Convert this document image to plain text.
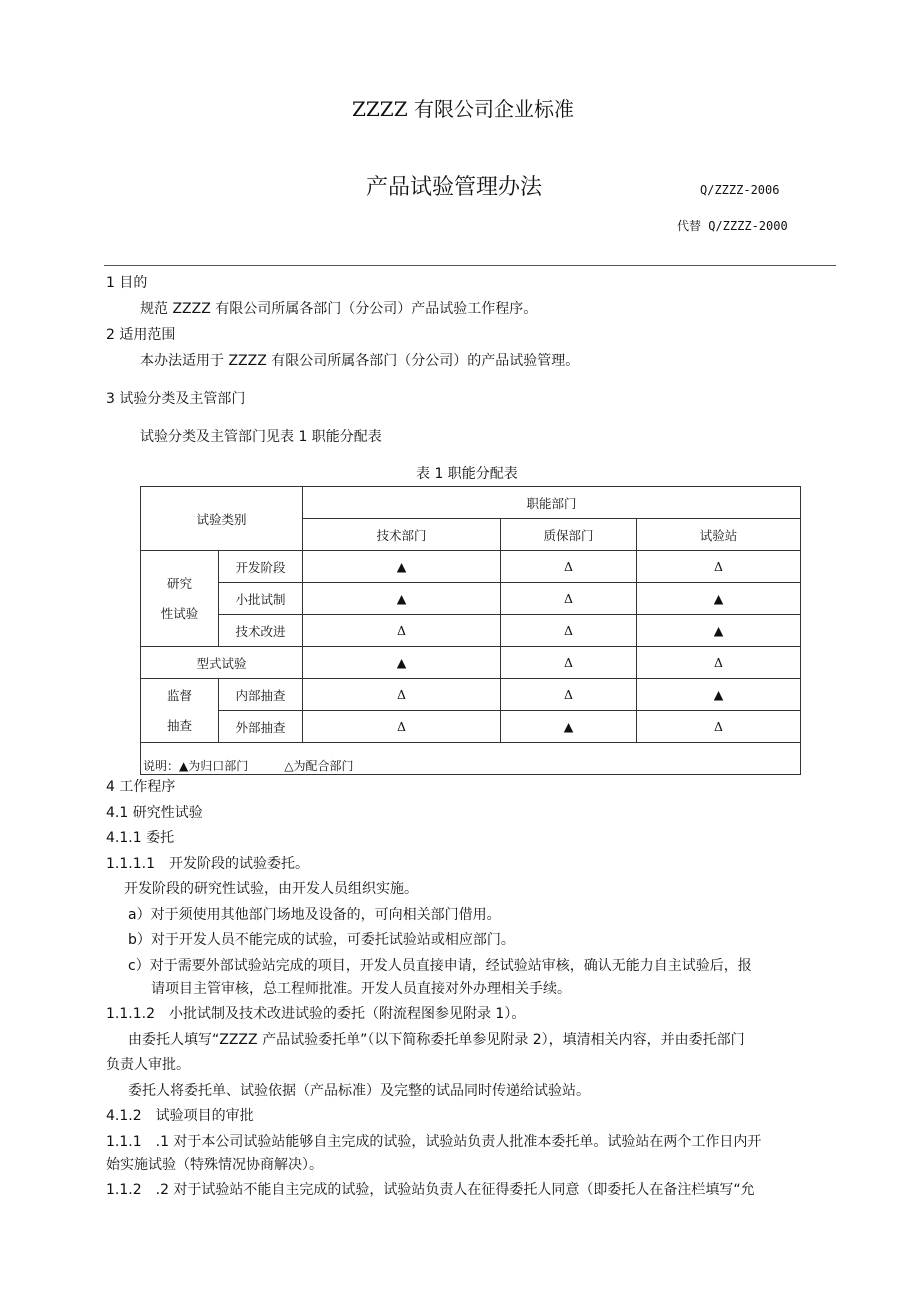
ZZZZ 有限公司企业标准
产品试验管理办法	Q/ZZZZ-2006
代替 Q/ZZZZ-2000
1 目的
规范 ZZZZ 有限公司所属各部门（分公司）产品试验工作程序。
2 适用范围
本办法适用于 ZZZZ 有限公司所属各部门（分公司）的产品试验管理。
3 试验分类及主管部门
试验分类及主管部门见表 1 职能分配表
表 1 职能分配表
试验类别		职能部门		
		技术部门	质保部门	试验站
研究
性试验	开发阶段	▲	Δ	Δ
	小批试制	▲	Δ	▲
	技术改进	Δ	Δ	▲
型式试验		▲	Δ	Δ
监督
抽查	内部抽查	Δ	Δ	▲
	外部抽查	Δ	▲	Δ
说明：▲为归口部门　　　△为配合部门				
4 工作程序
4.1 研究性试验
4.1.1 委托
1.1.1.1　开发阶段的试验委托。
开发阶段的研究性试验，由开发人员组织实施。
a）对于须使用其他部门场地及设备的，可向相关部门借用。
b）对于开发人员不能完成的试验，可委托试验站或相应部门。
c）对于需要外部试验站完成的项目，开发人员直接申请，经试验站审核，确认无能力自主试验后，报
请项目主管审核，总工程师批准。开发人员直接对外办理相关手续。
1.1.1.2　小批试制及技术改进试验的委托（附流程图参见附录 1）。
由委托人填写“ZZZZ 产品试验委托单”（以下简称委托单参见附录 2），填清相关内容，并由委托部门
负责人审批。
委托人将委托单、试验依据（产品标准）及完整的试品同时传递给试验站。
4.1.2　试验项目的审批
1.1.1　.1 对于本公司试验站能够自主完成的试验，试验站负责人批准本委托单。试验站在两个工作日内开
始实施试验（特殊情况协商解决）。
1.1.2　.2 对于试验站不能自主完成的试验，试验站负责人在征得委托人同意（即委托人在备注栏填写“允
